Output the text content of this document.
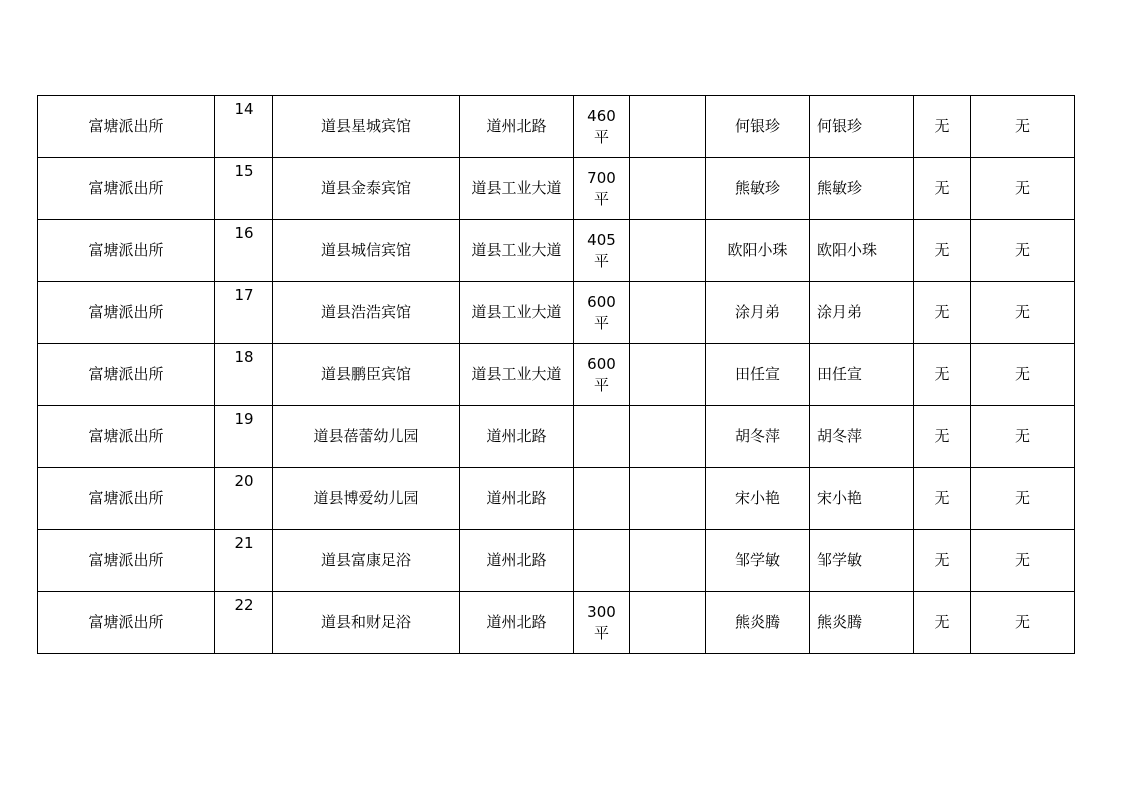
富塘派出所	14	道县星城宾馆	道州北路	460平		何银珍	何银珍	无	无
富塘派出所	15	道县金泰宾馆	道县工业大道	700平		熊敏珍	熊敏珍	无	无
富塘派出所	16	道县城信宾馆	道县工业大道	405平		欧阳小珠	欧阳小珠	无	无
富塘派出所	17	道县浩浩宾馆	道县工业大道	600平		涂月弟	涂月弟	无	无
富塘派出所	18	道县鹏臣宾馆	道县工业大道	600平		田任宣	田任宣	无	无
富塘派出所	19	道县蓓蕾幼儿园	道州北路			胡冬萍	胡冬萍	无	无
富塘派出所	20	道县博爱幼儿园	道州北路			宋小艳	宋小艳	无	无
富塘派出所	21	道县富康足浴	道州北路			邹学敏	邹学敏	无	无
富塘派出所	22	道县和财足浴	道州北路	300平		熊炎腾	熊炎腾	无	无
